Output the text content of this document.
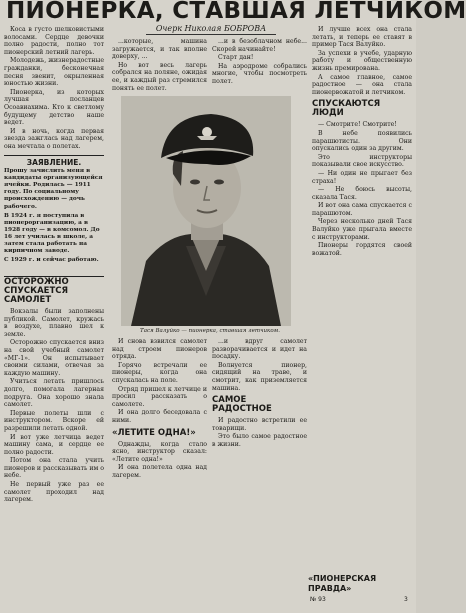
ПИОНЕРКА, СТАВШАЯ ЛЕТЧИКОМ
Очерк Николая БОБРОВА

Коса в густо шелковистыми волосами. Сердце девочки полно радости, полно тот пионерский летний лагерь.

Молодежь, жизнерадостные гражданки, бесконечная песня звенит, окрыленная юностью жизни.

Пионерка, из которых лучшая посланцев Осоавиахима. Кто к светлому будущему детство наше ведет.

И в ночь, когда первая звезда зажглась над лагерем, она мечтала о полетах.

ЗАЯВЛЕНИЕ.

Прошу зачислить меня в кандидаты организующейся ячейки. Родилась — 1911 году. По социальному происхождению — дочь рабочего.

В 1924 г. я поступила в пионерорганизацию, а в 1928 году — в комсомол. До 16 лет училась в школе, а затем стала работать на кирпичном заводе.

С 1929 г. и сейчас работаю.

ОСТОРОЖНО СПУСКАЕТСЯ САМОЛЕТ

Вокзалы были заполнены публикой. Самолет, кружась в воздухе, плавно шел к земле.

Осторожно спускается вниз на свой учебный самолет «МГ-1». Он испытывает своими силами, отвечая за каждую машину.

Учиться летать пришлось долго, помогала лагерная подруга. Она хорошо знала самолет.

Первые полеты шли с инструктором. Вскоре ей разрешили летать одной.

И вот уже летчица ведет машину сама, и сердце ее полно радости.

Потом она стала учить пионеров и рассказывать им о небе.

Не первый уже раз ее самолет проходил над лагерем.

...которые, машина загружается, и так вполне доверху, ...

Но вот весь лагерь собрался на поляне, ожидая ее, и каждый раз стремился понять ее полет.

...и в безоблачном небе... Скорей начинайте!

Старт дан!

На аэродроме собрались многие, чтобы посмотреть полет.

Тася Валуйко — пионерка, ставшая летчиком.

И снова взвился самолет над строем пионеров отряда.

Горячо встречали ее пионеры, когда она спускалась на поле.

Отряд пришел к летчице и просил рассказать о самолете.

И она долго беседовала с ними.

«ЛЕТИТЕ ОДНА!»

Однажды, когда стало ясно, инструктор сказал: «Летите одна!»

И она полетела одна над лагерем.

...и вдруг самолет разворачивается и идет на посадку.

Волнуется пионер, сидящий на траве, и смотрит, как приземляется машина.

САМОЕ РАДОСТНОЕ

И радостно встретили ее товарищи.

Это было самое радостное в жизни.

И лучше всех она стала летать, и теперь ее ставят в пример Тася Валуйко.

За успехи в учебе, ударную работу и общественную жизнь премирована.

А самое главное, самое радостное — она стала пионервожатой и летчиком.

СПУСКАЮТСЯ ЛЮДИ

— Смотрите! Смотрите!

В небе появились парашютисты. Они опускались один за другим.

Это инструкторы показывали свое искусство.

— Ни один не прыгает без страха!

— Не боюсь высоты, сказала Тася.

И вот она сама спускается с парашютом.

Через несколько дней Тася Валуйко уже прыгала вместе с инструкторами.

Пионеры гордятся своей вожатой.

«ПИОНЕРСКАЯ ПРАВДА»
№ 93	3
